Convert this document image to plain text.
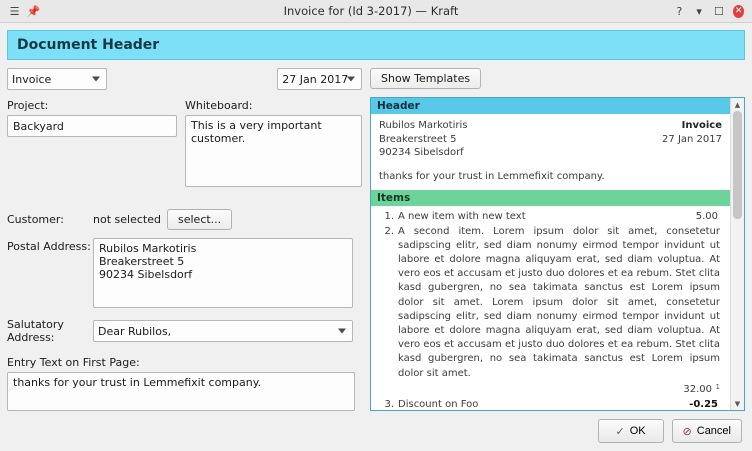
☰ 📌	Invoice for (Id 3-2017) — Kraft	? ▾ ☐ ✕
Document Header
Invoice	27 Jan 2017
Project:	Whiteboard:
Backyard
This is a very important customer.
Customer:	not selected	select...
Postal Address:
Rubilos Markotiris Breakerstreet 5 90234 Sibelsdorf
Salutatory Address:	Dear Rubilos,
Entry Text on First Page:
thanks for your trust in Lemmefixit company.
Show Templates
Header
Rubilos Markotiris
Breakerstreet 5
90234 Sibelsdorf
Invoice
27 Jan 2017
thanks for your trust in Lemmefixit company.
Items
1. A new item with new text	5.00
2. A second item. Lorem ipsum dolor sit amet, consetetur sadipscing elitr, sed diam nonumy eirmod tempor invidunt ut labore et dolore magna aliquyam erat, sed diam voluptua. At vero eos et accusam et justo duo dolores et ea rebum. Stet clita kasd gubergren, no sea takimata sanctus est Lorem ipsum dolor sit amet. Lorem ipsum dolor sit amet, consetetur sadipscing elitr, sed diam nonumy eirmod tempor invidunt ut labore et dolore magna aliquyam erat, sed diam voluptua. At vero eos et accusam et justo duo dolores et ea rebum. Stet clita kasd gubergren, no sea takimata sanctus est Lorem ipsum dolor sit amet.
32.00 1
3. Discount on Foo	-0.25
▲
▼
✓ OK	⊘ Cancel
